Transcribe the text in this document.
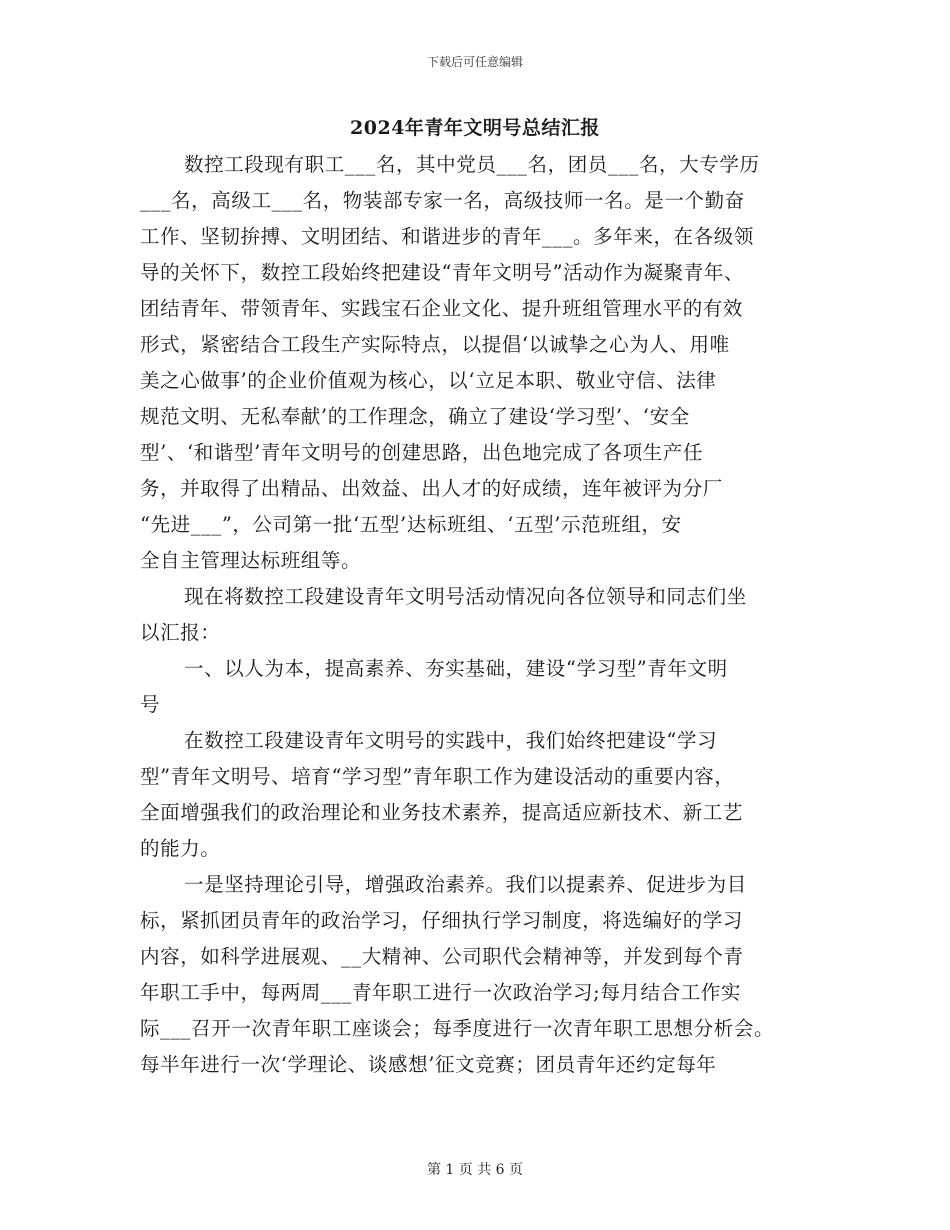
下载后可任意编辑
2024年青年文明号总结汇报
数控工段现有职工___名，其中党员___名，团员___名，大专学历
___名，高级工___名，物装部专家一名，高级技师一名。是一个勤奋
工作、坚韧拚搏、文明团结、和谐进步的青年___。多年来，在各级领
导的关怀下，数控工段始终把建设“青年文明号”活动作为凝聚青年、
团结青年、带领青年、实践宝石企业文化、提升班组管理水平的有效
形式，紧密结合工段生产实际特点，以提倡‘以诚挚之心为人、用唯
美之心做事’的企业价值观为核心，以‘立足本职、敬业守信、法律
规范文明、无私奉献’的工作理念，确立了建设‘学习型’、‘安全
型’、‘和谐型’青年文明号的创建思路，出色地完成了各项生产任
务，并取得了出精品、出效益、出人才的好成绩，连年被评为分厂
“先进___”，公司第一批‘五型’达标班组、‘五型’示范班组，安
全自主管理达标班组等。
现在将数控工段建设青年文明号活动情况向各位领导和同志们坐
以汇报：
一、以人为本，提高素养、夯实基础，建设“学习型”青年文明
号
在数控工段建设青年文明号的实践中，我们始终把建设“学习
型”青年文明号、培育“学习型”青年职工作为建设活动的重要内容，
全面增强我们的政治理论和业务技术素养，提高适应新技术、新工艺
的能力。
一是坚持理论引导，增强政治素养。我们以提素养、促进步为目
标，紧抓团员青年的政治学习，仔细执行学习制度，将选编好的学习
内容，如科学进展观、__大精神、公司职代会精神等，并发到每个青
年职工手中，每两周___青年职工进行一次政治学习;每月结合工作实
际___召开一次青年职工座谈会；每季度进行一次青年职工思想分析会。
每半年进行一次‘学理论、谈感想’征文竞赛；团员青年还约定每年
第 1 页 共 6 页
